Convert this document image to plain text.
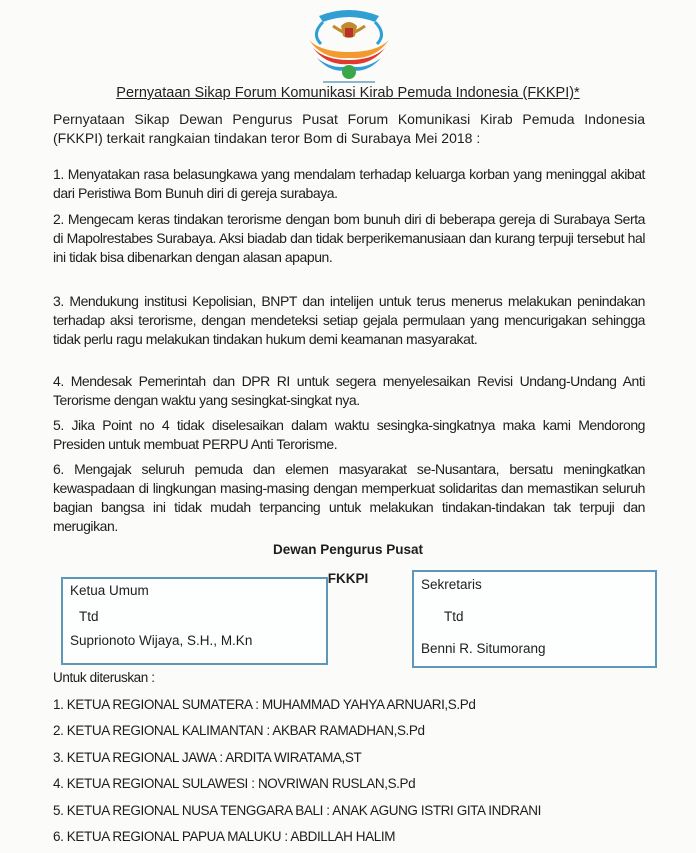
Pernyataan Sikap Forum Komunikasi Kirab Pemuda Indonesia (FKKPI)*
Pernyataan Sikap Dewan Pengurus Pusat Forum Komunikasi Kirab Pemuda Indonesia (FKKPI) terkait rangkaian tindakan teror Bom di Surabaya Mei 2018 :
1. Menyatakan rasa belasungkawa yang mendalam terhadap keluarga korban yang meninggal akibat dari Peristiwa Bom Bunuh diri di gereja surabaya.
2. Mengecam keras tindakan terorisme dengan bom bunuh diri di beberapa gereja di Surabaya Serta di Mapolrestabes Surabaya. Aksi biadab dan tidak berperikemanusiaan dan kurang terpuji tersebut hal ini tidak bisa dibenarkan dengan alasan apapun.
3. Mendukung institusi Kepolisian, BNPT dan intelijen untuk terus menerus melakukan penindakan terhadap aksi terorisme, dengan mendeteksi setiap gejala permulaan yang mencurigakan sehingga tidak perlu ragu melakukan tindakan hukum demi keamanan masyarakat.
4. Mendesak Pemerintah dan DPR RI untuk segera menyelesaikan Revisi Undang-Undang Anti Terorisme dengan waktu yang sesingkat-singkat nya.
5. Jika Point no 4 tidak diselesaikan dalam waktu sesingka-singkatnya maka kami Mendorong Presiden untuk membuat PERPU Anti Terorisme.
6. Mengajak seluruh pemuda dan elemen masyarakat se-Nusantara, bersatu meningkatkan kewaspadaan di lingkungan masing-masing dengan memperkuat solidaritas dan memastikan seluruh bagian bangsa ini tidak mudah terpancing untuk melakukan tindakan-tindakan tak terpuji dan merugikan.
Dewan Pengurus Pusat
FKKPI
Ketua Umum
Ttd
Suprionoto Wijaya, S.H., M.Kn
Sekretaris
Ttd
Benni R. Situmorang
Untuk diteruskan :
1. KETUA REGIONAL SUMATERA : MUHAMMAD YAHYA ARNUARI,S.Pd
2. KETUA REGIONAL KALIMANTAN : AKBAR RAMADHAN,S.Pd
3. KETUA REGIONAL JAWA : ARDITA WIRATAMA,ST
4. KETUA REGIONAL SULAWESI : NOVRIWAN RUSLAN,S.Pd
5. KETUA REGIONAL NUSA TENGGARA BALI : ANAK AGUNG ISTRI GITA INDRANI
6. KETUA REGIONAL PAPUA MALUKU : ABDILLAH HALIM
